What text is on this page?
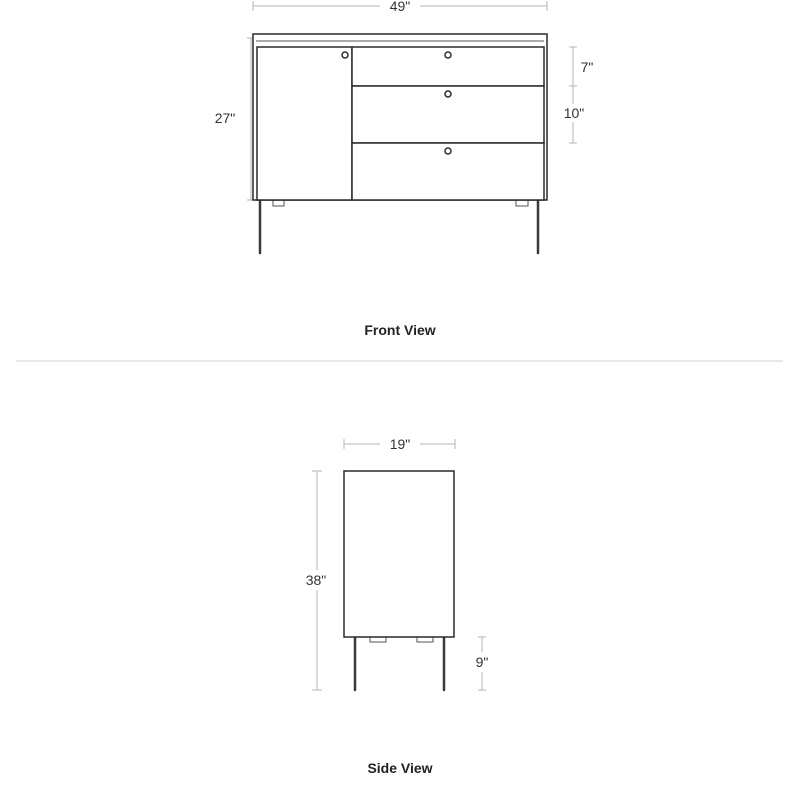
49"
27"
7"
10"
Front View
19"
38"
9"
Side View
